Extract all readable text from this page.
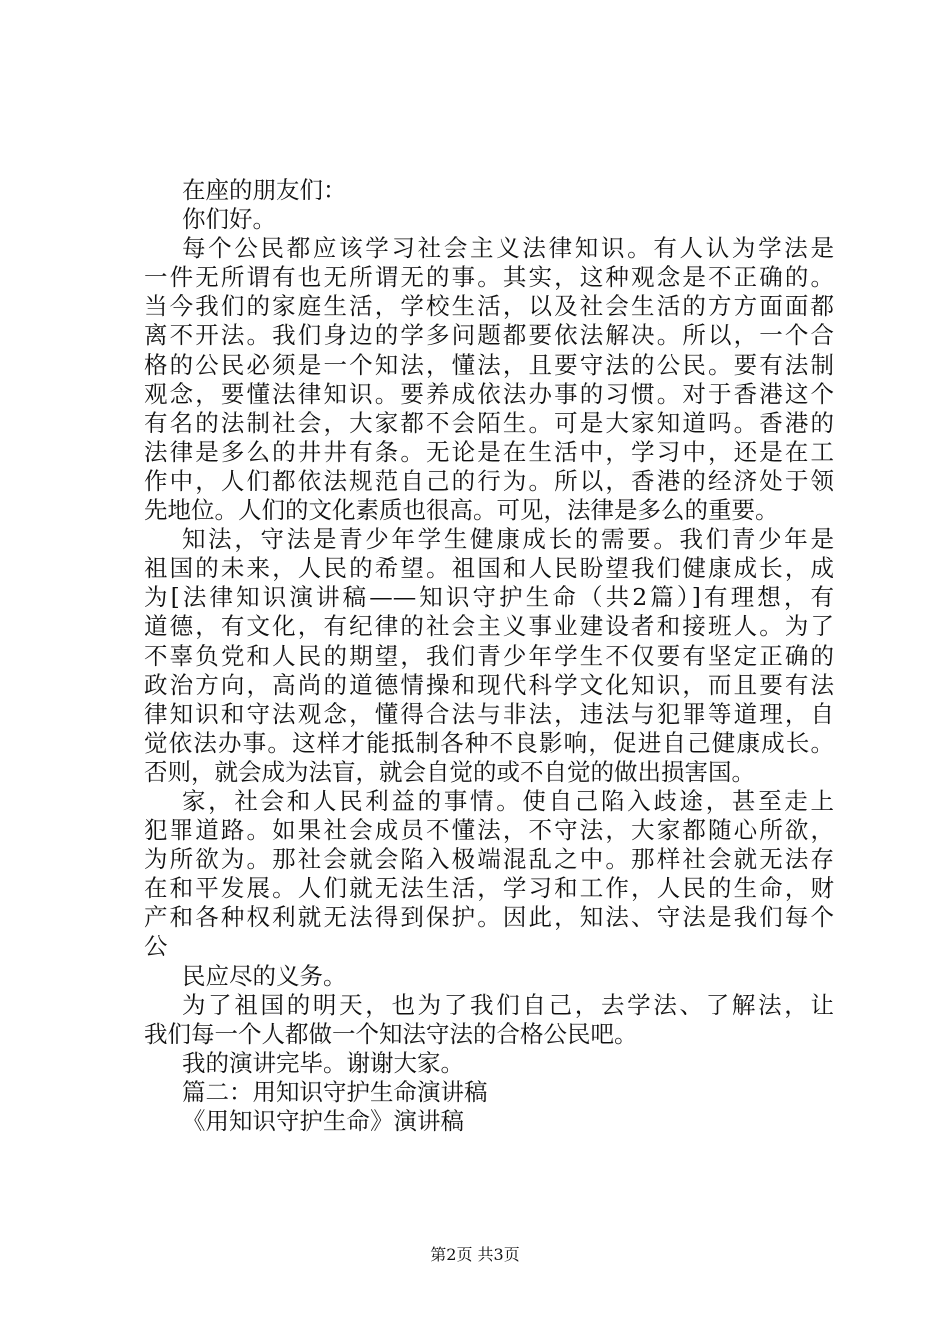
在座的朋友们：
你们好。
每个公民都应该学习社会主义法律知识。有人认为学法是
一件无所谓有也无所谓无的事。其实，这种观念是不正确的。
当今我们的家庭生活，学校生活，以及社会生活的方方面面都
离不开法。我们身边的学多问题都要依法解决。所以，一个合
格的公民必须是一个知法，懂法，且要守法的公民。要有法制
观念，要懂法律知识。要养成依法办事的习惯。对于香港这个
有名的法制社会，大家都不会陌生。可是大家知道吗。香港的
法律是多么的井井有条。无论是在生活中，学习中，还是在工
作中，人们都依法规范自己的行为。所以，香港的经济处于领
先地位。人们的文化素质也很高。可见，法律是多么的重要。
知法，守法是青少年学生健康成长的需要。我们青少年是
祖国的未来，人民的希望。祖国和人民盼望我们健康成长，成
为[法律知识演讲稿——知识守护生命（共2篇）]有理想，有
道德，有文化，有纪律的社会主义事业建设者和接班人。为了
不辜负党和人民的期望，我们青少年学生不仅要有坚定正确的
政治方向，高尚的道德情操和现代科学文化知识，而且要有法
律知识和守法观念，懂得合法与非法，违法与犯罪等道理，自
觉依法办事。这样才能抵制各种不良影响，促进自己健康成长。
否则，就会成为法盲，就会自觉的或不自觉的做出损害国。
家，社会和人民利益的事情。使自己陷入歧途，甚至走上
犯罪道路。如果社会成员不懂法，不守法，大家都随心所欲，
为所欲为。那社会就会陷入极端混乱之中。那样社会就无法存
在和平发展。人们就无法生活，学习和工作，人民的生命，财
产和各种权利就无法得到保护。因此，知法、守法是我们每个
公
民应尽的义务。
为了祖国的明天，也为了我们自己，去学法、了解法，让
我们每一个人都做一个知法守法的合格公民吧。
我的演讲完毕。谢谢大家。
篇二：用知识守护生命演讲稿
《用知识守护生命》演讲稿
第2页 共3页
